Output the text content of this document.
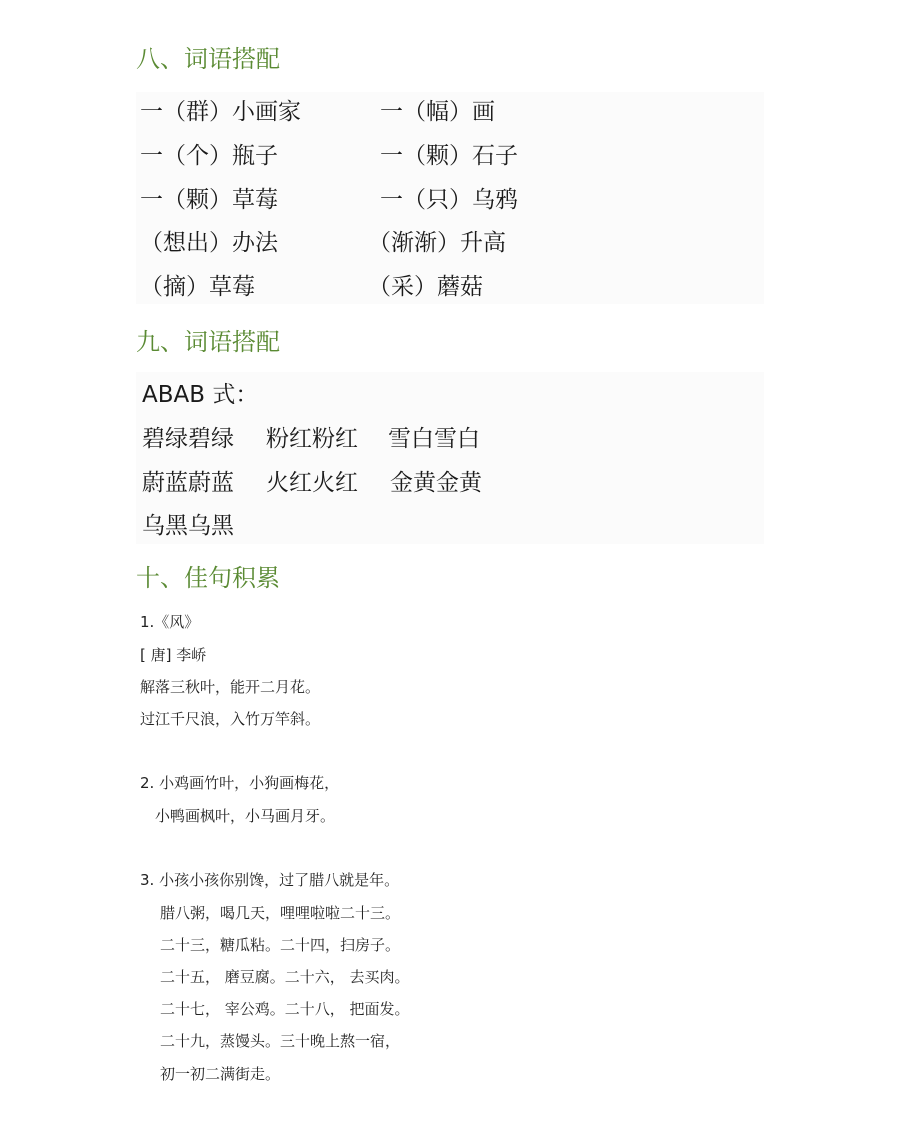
八、词语搭配
一（群）小画家
一（个）瓶子
一（颗）草莓
（想出）办法
（摘）草莓
一（幅）画
一（颗）石子
一（只）乌鸦
（渐渐）升高
（采）蘑菇
九、词语搭配
ABAB 式：
碧绿碧绿 粉红粉红 雪白雪白
蔚蓝蔚蓝 火红火红 金黄金黄
乌黑乌黑
十、佳句积累
1.《风》
[ 唐] 李峤
解落三秋叶，能开二月花。
过江千尺浪，入竹万竿斜。
2. 小鸡画竹叶，小狗画梅花，
小鸭画枫叶，小马画月牙。
3. 小孩小孩你别馋，过了腊八就是年。
腊八粥，喝几天，哩哩啦啦二十三。
二十三，糖瓜粘。二十四，扫房子。
二十五， 磨豆腐。二十六， 去买肉。
二十七， 宰公鸡。二十八， 把面发。
二十九，蒸馒头。三十晚上熬一宿，
初一初二满街走。
